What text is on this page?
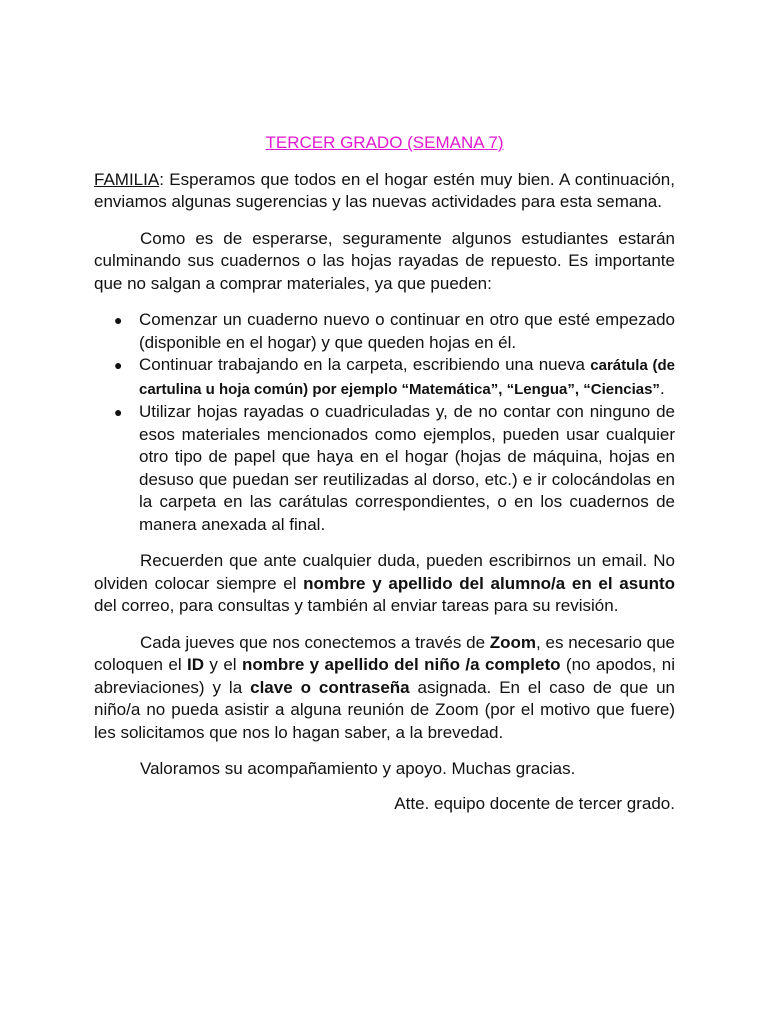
TERCER GRADO (SEMANA 7)

FAMILIA: Esperamos que todos en el hogar estén muy bien. A continuación, enviamos algunas sugerencias y las nuevas actividades para esta semana.

Como es de esperarse, seguramente algunos estudiantes estarán culminando sus cuadernos o las hojas rayadas de repuesto. Es importante que no salgan a comprar materiales, ya que pueden:

● Comenzar un cuaderno nuevo o continuar en otro que esté empezado (disponible en el hogar) y que queden hojas en él.
● Continuar trabajando en la carpeta, escribiendo una nueva carátula (de cartulina u hoja común) por ejemplo “Matemática”, “Lengua”, “Ciencias”.
● Utilizar hojas rayadas o cuadriculadas y, de no contar con ninguno de esos materiales mencionados como ejemplos, pueden usar cualquier otro tipo de papel que haya en el hogar (hojas de máquina, hojas en desuso que puedan ser reutilizadas al dorso, etc.) e ir colocándolas en la carpeta en las carátulas correspondientes, o en los cuadernos de manera anexada al final.

Recuerden que ante cualquier duda, pueden escribirnos un email. No olviden colocar siempre el nombre y apellido del alumno/a en el asunto del correo, para consultas y también al enviar tareas para su revisión.

Cada jueves que nos conectemos a través de Zoom, es necesario que coloquen el ID y el nombre y apellido del niño /a completo (no apodos, ni abreviaciones) y la clave o contraseña asignada. En el caso de que un niño/a no pueda asistir a alguna reunión de Zoom (por el motivo que fuere) les solicitamos que nos lo hagan saber, a la brevedad.

Valoramos su acompañamiento y apoyo. Muchas gracias.

Atte. equipo docente de tercer grado.
